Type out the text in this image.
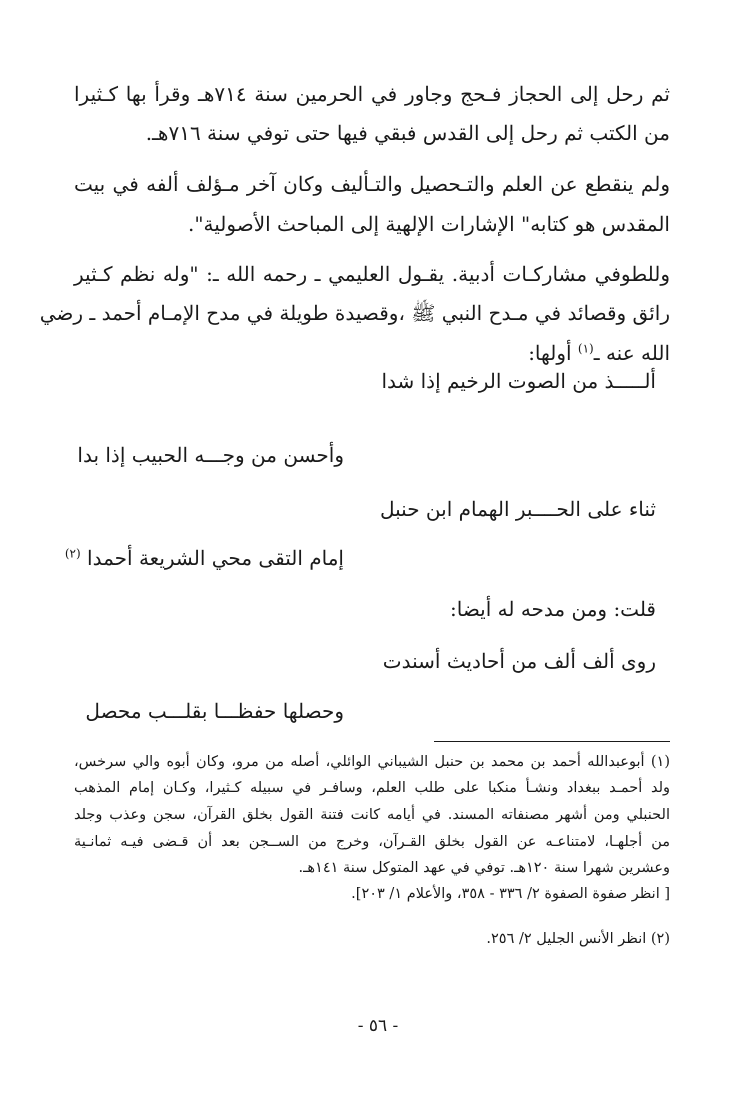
ثم رحل إلى الحجاز فـحج وجاور في الحرمين سنة ٧١٤هـ وقرأ بها كـثيرا
من الكتب ثم رحل إلى القدس فبقي فيها حتى توفي سنة ٧١٦هـ.
ولم ينقطع عن العلم والتـحصيل والتـأليف وكان آخر مـؤلف ألفه في بيت
المقدس هو كتابه" الإشارات الإلهية إلى المباحث الأصولية".
وللطوفي مشاركـات أدبية. يقـول العليمي ـ رحمه الله ـ: "وله نظم كـثير
رائق وقصائد في مـدح النبي ﷺ ،وقصيدة طويلة في مدح الإمـام أحمد ـ رضي
الله عنه ـ$^{(١)}$ أولها:
ألـــــذ من الصوت الرخيم إذا شدا
وأحسن من وجـــه الحبيب إذا بدا
ثناء على الحــــبر الهمام ابن حنبل
إمام التقى محي الشريعة أحمدا $^{(٢)}$
قلت: ومن مدحه له أيضا:
روى ألف ألف من أحاديث أسندت
وحصلها حفظـــا بقلـــب محصل
(١) أبوعبدالله أحمد بن محمد بن حنبل الشيباني الوائلي، أصله من مرو، وكان أبوه والي سرخس،
ولد أحمـد ببغداد ونشـأ منكبا على طلب العلم، وسافـر في سبيله كـثيرا، وكـان إمام المذهب
الحنبلي ومن أشهر مصنفاته المسند. في أيامه كانت فتنة القول بخلق القرآن، سجن وعذب وجلد
من أجلهـا، لامتناعـه عن القول بخلق القـرآن، وخرج من الســجن بعد أن قـضى فيـه ثمانـية
وعشرين شهرا سنة ١٢٠هـ. توفي في عهد المتوكل سنة ١٤١هـ.
[ انظر صفوة الصفوة ٢/ ٣٣٦ - ٣٥٨، والأعلام ١/ ٢٠٣].
(٢) انظر الأنس الجليل ٢/ ٢٥٦.
- ٥٦ -
